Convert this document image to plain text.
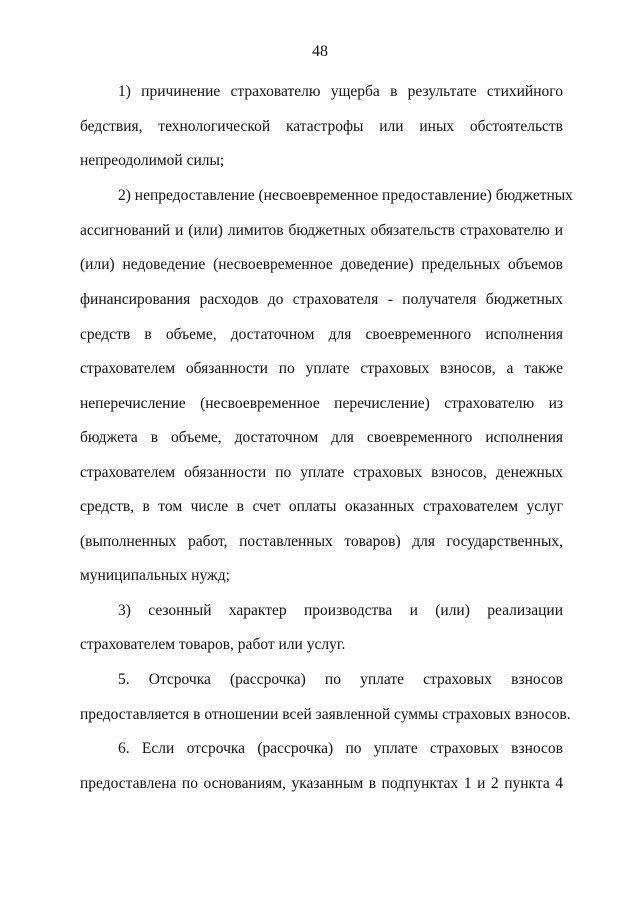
48
1) причинение страхователю ущерба в результате стихийного
бедствия, технологической катастрофы или иных обстоятельств
непреодолимой силы;
2) непредоставление (несвоевременное предоставление) бюджетных
ассигнований и (или) лимитов бюджетных обязательств страхователю и
(или) недоведение (несвоевременное доведение) предельных объемов
финансирования расходов до страхователя - получателя бюджетных
средств в объеме, достаточном для своевременного исполнения
страхователем обязанности по уплате страховых взносов, а также
неперечисление (несвоевременное перечисление) страхователю из
бюджета в объеме, достаточном для своевременного исполнения
страхователем обязанности по уплате страховых взносов, денежных
средств, в том числе в счет оплаты оказанных страхователем услуг
(выполненных работ, поставленных товаров) для государственных,
муниципальных нужд;
3) сезонный характер производства и (или) реализации
страхователем товаров, работ или услуг.
5. Отсрочка (рассрочка) по уплате страховых взносов
предоставляется в отношении всей заявленной суммы страховых взносов.
6. Если отсрочка (рассрочка) по уплате страховых взносов
предоставлена по основаниям, указанным в подпунктах 1 и 2 пункта 4
